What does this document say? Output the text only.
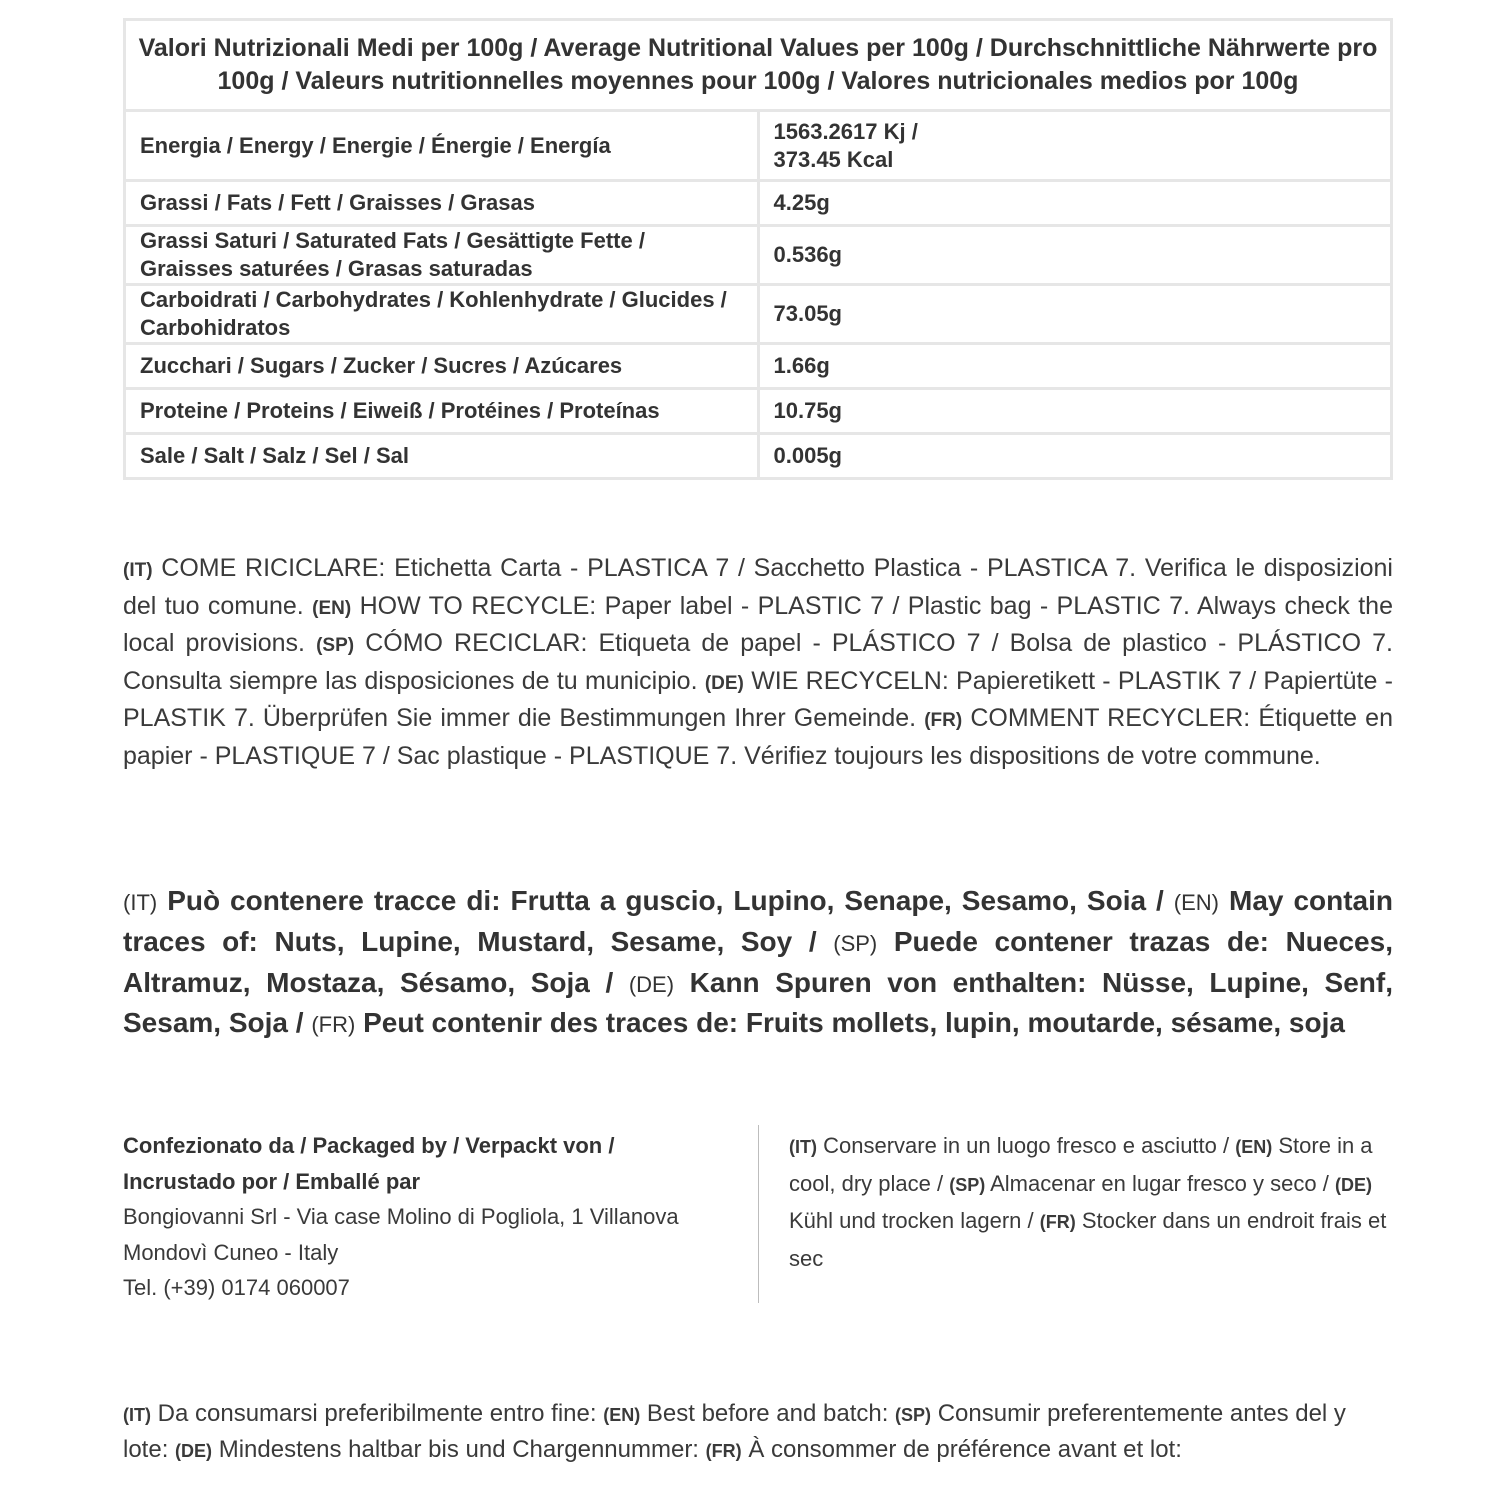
Valori Nutrizionali Medi per 100g / Average Nutritional Values per 100g / Durchschnittliche Nährwerte pro 100g / Valeurs nutritionnelles moyennes pour 100g / Valores nutricionales medios por 100g	
Energia / Energy / Energie / Énergie / Energía	1563.2617 Kj /
373.45 Kcal

Grassi / Fats / Fett / Graisses / Grasas	4.25g
Grassi Saturi / Saturated Fats / Gesättigte Fette / Graisses saturées / Grasas saturadas	0.536g
Carboidrati / Carbohydrates / Kohlenhydrate / Glucides / Carbohidratos	73.05g
Zucchari / Sugars / Zucker / Sucres / Azúcares	1.66g
Proteine / Proteins / Eiweiß / Protéines / Proteínas	10.75g
Sale / Salt / Salz / Sel / Sal	0.005g
(IT) COME RICICLARE: Etichetta Carta - PLASTICA 7 / Sacchetto Plastica - PLASTICA 7. Verifica le disposizioni del tuo comune. (EN) HOW TO RECYCLE: Paper label - PLASTIC 7 / Plastic bag - PLASTIC 7. Always check the local provisions. (SP) CÓMO RECICLAR: Etiqueta de papel - PLÁSTICO 7 / Bolsa de plastico - PLÁSTICO 7. Consulta siempre las disposiciones de tu municipio. (DE) WIE RECYCELN: Papieretikett - PLASTIK 7 / Papiertüte - PLASTIK 7. Überprüfen Sie immer die Bestimmungen Ihrer Gemeinde. (FR) COMMENT RECYCLER: Étiquette en papier - PLASTIQUE 7 / Sac plastique - PLASTIQUE 7. Vérifiez toujours les dispositions de votre commune.
(IT) Può contenere tracce di: Frutta a guscio, Lupino, Senape, Sesamo, Soia / (EN) May contain traces of: Nuts, Lupine, Mustard, Sesame, Soy / (SP) Puede contener trazas de: Nueces, Altramuz, Mostaza, Sésamo, Soja / (DE) Kann Spuren von enthalten: Nüsse, Lupine, Senf, Sesam, Soja / (FR) Peut contenir des traces de: Fruits mollets, lupin, moutarde, sésame, soja
Confezionato da / Packaged by / Verpackt von /
Incrustado por / Emballé par
Bongiovanni Srl - Via case Molino di Pogliola, 1 Villanova
Mondovì Cuneo - Italy
Tel. (+39) 0174 060007
(IT) Conservare in un luogo fresco e asciutto / (EN) Store in a cool, dry place / (SP) Almacenar en lugar fresco y seco / (DE) Kühl und trocken lagern / (FR) Stocker dans un endroit frais et sec
(IT) Da consumarsi preferibilmente entro fine: (EN) Best before and batch: (SP) Consumir preferentemente antes del y lote: (DE) Mindestens haltbar bis und Chargennummer: (FR) À consommer de préférence avant et lot:
